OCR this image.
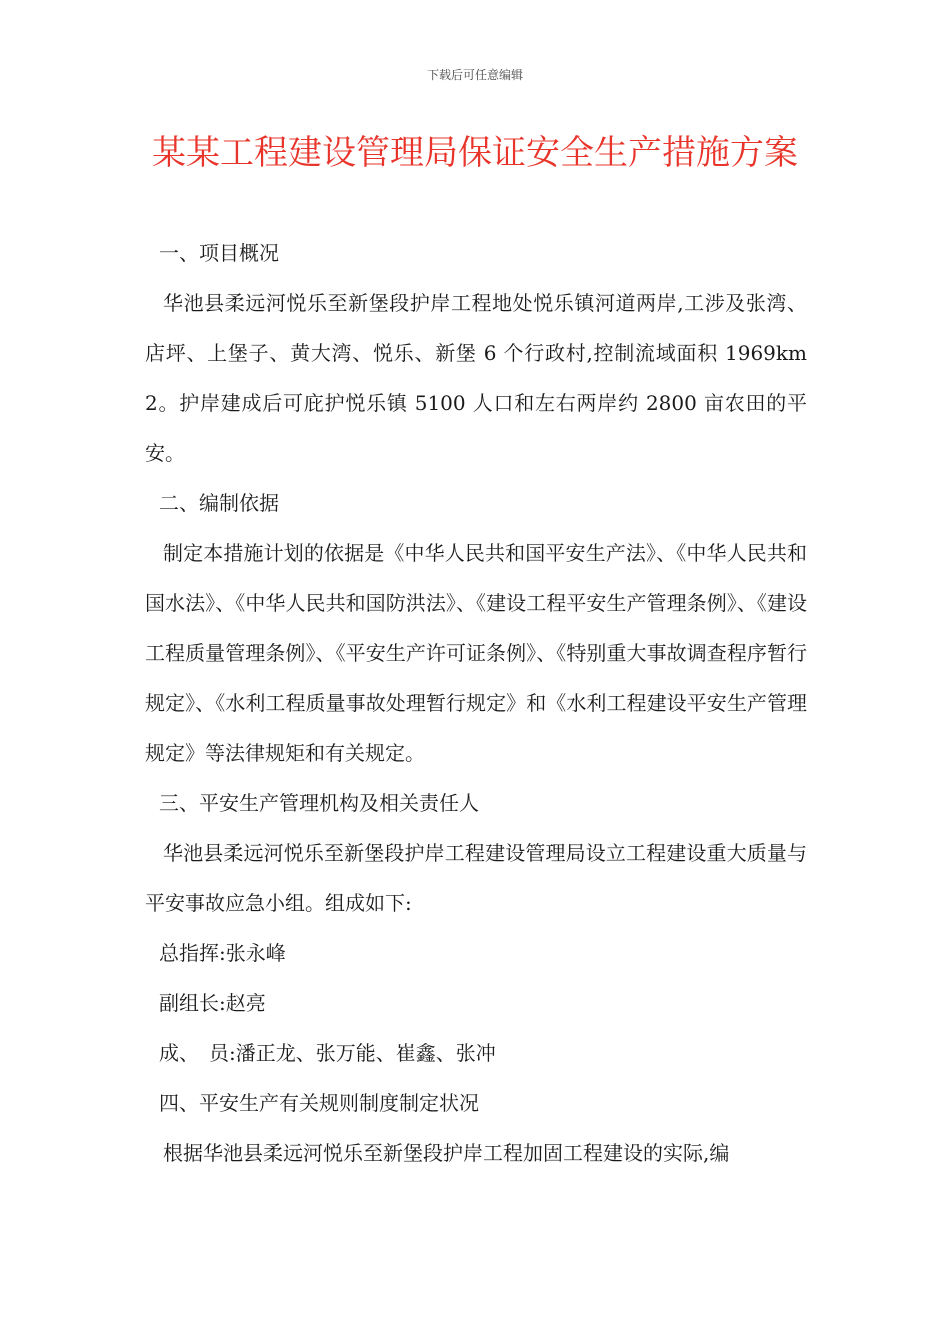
下载后可任意编辑
某某工程建设管理局保证安全生产措施方案

一、项目概况

华池县柔远河悦乐至新堡段护岸工程地处悦乐镇河道两岸,工涉及张湾、店坪、上堡子、黄大湾、悦乐、新堡 6 个行政村,控制流域面积 1969km2。护岸建成后可庇护悦乐镇 5100 人口和左右两岸约 2800 亩农田的平安。

二、编制依据

制定本措施计划的依据是《中华人民共和国平安生产法》、《中华人民共和国水法》、《中华人民共和国防洪法》、《建设工程平安生产管理条例》、《建设工程质量管理条例》、《平安生产许可证条例》、《特别重大事故调查程序暂行规定》、《水利工程质量事故处理暂行规定》和《水利工程建设平安生产管理规定》等法律规矩和有关规定。

三、平安生产管理机构及相关责任人

华池县柔远河悦乐至新堡段护岸工程建设管理局设立工程建设重大质量与平安事故应急小组。组成如下:

总指挥:张永峰

副组长:赵亮

成、　员:潘正龙、张万能、崔鑫、张冲

四、平安生产有关规则制度制定状况

根据华池县柔远河悦乐至新堡段护岸工程加固工程建设的实际,编
